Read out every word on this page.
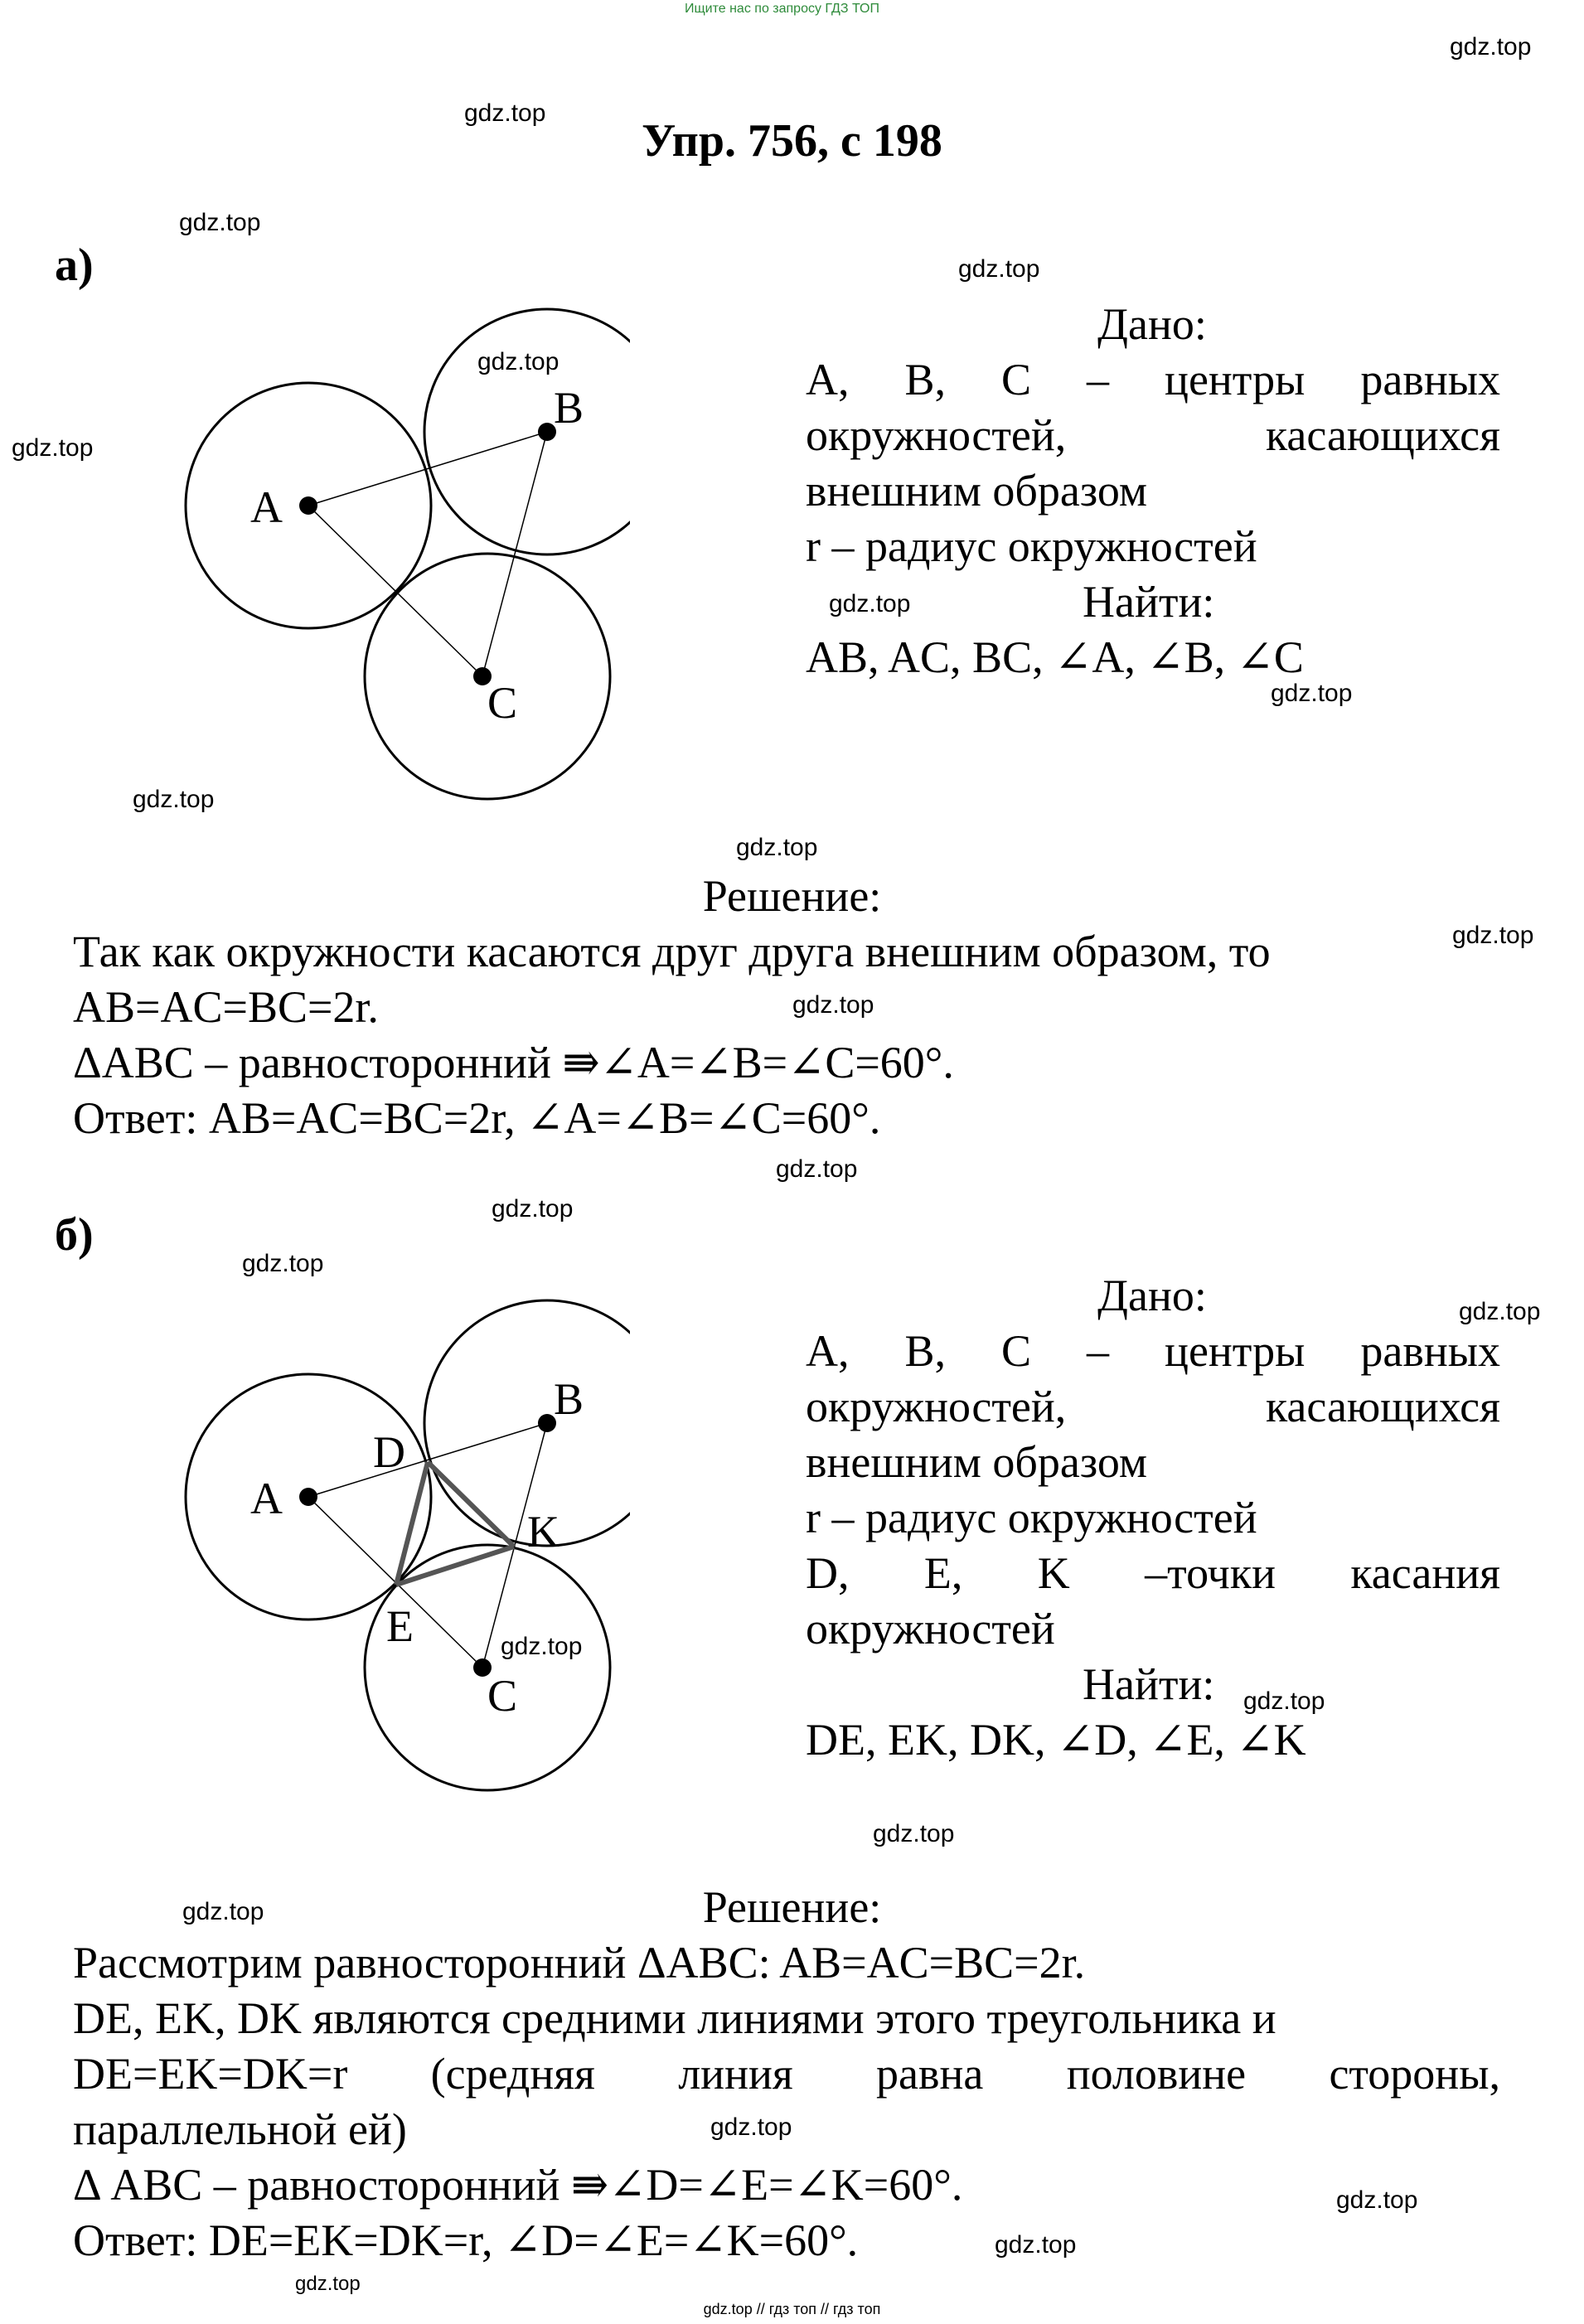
Ищите нас по запросу ГДЗ ТОП
Упр. 756, с 198
gdz.top
gdz.top
gdz.top
gdz.top
gdz.top
gdz.top
gdz.top
gdz.top
gdz.top
gdz.top
gdz.top
gdz.top
gdz.top
gdz.top
gdz.top
gdz.top
gdz.top
gdz.top
gdz.top
gdz.top
gdz.top
gdz.top
gdz.top
gdz.top
а)
A
B
C
Дано:
A, B, C – центры равных
окружностей, касающихся
внешним образом
r – радиус окружностей
Найти:
AB, AC, BC, ∠A, ∠B, ∠C
Решение:
Так как окружности касаются друг друга внешним образом, то
AB=AC=BC=2r.
ΔABC – равносторонний ⇛∠A=∠B=∠C=60°.
Ответ: AB=AC=BC=2r, ∠A=∠B=∠C=60°.
б)
A
B
C
D
E
K
Дано:
A, B, C – центры равных
окружностей, касающихся
внешним образом
r – радиус окружностей
D, E, K –точки касания
окружностей
Найти:
DE, EK, DK, ∠D, ∠E, ∠K
Решение:
Рассмотрим равносторонний ΔABC: AB=AC=BC=2r.
DE, EK, DK являются средними линиями этого треугольника и
DE=EK=DK=r (средняя линия равна половине стороны,
параллельной ей)
Δ ABC – равносторонний ⇛∠D=∠E=∠K=60°.
Ответ: DE=EK=DK=r, ∠D=∠E=∠K=60°.
gdz.top // гдз топ // гдз топ
